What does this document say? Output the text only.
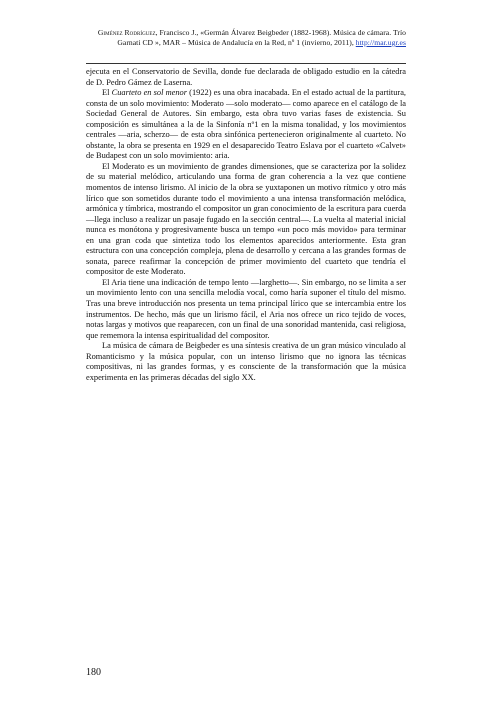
Giménez Rodríguez, Francisco J., «Germán Álvarez Beigbeder (1882-1968). Música de cámara. Trío Garnati CD », MAR – Música de Andalucía en la Red, nº 1 (invierno, 2011), http://mar.ugr.es

ejecuta en el Conservatorio de Sevilla, donde fue declarada de obligado estudio en la cátedra de D. Pedro Gámez de Laserna.

El Cuarteto en sol menor (1922) es una obra inacabada. En el estado actual de la partitura, consta de un solo movimiento: Moderato —solo moderato— como aparece en el catálogo de la Sociedad General de Autores. Sin embargo, esta obra tuvo varias fases de existencia. Su composición es simultánea a la de la Sinfonía nº1 en la misma tonalidad, y los movimientos centrales —aria, scherzo— de esta obra sinfónica pertenecieron originalmente al cuarteto. No obstante, la obra se presenta en 1929 en el desaparecido Teatro Eslava por el cuarteto «Calvet» de Budapest con un solo movimiento: aria.

El Moderato es un movimiento de grandes dimensiones, que se caracteriza por la solidez de su material melódico, articulando una forma de gran coherencia a la vez que contiene momentos de intenso lirismo. Al inicio de la obra se yuxtaponen un motivo rítmico y otro más lírico que son sometidos durante todo el movimiento a una intensa transformación melódica, armónica y tímbrica, mostrando el compositor un gran conocimiento de la escritura para cuerda —llega incluso a realizar un pasaje fugado en la sección central—. La vuelta al material inicial nunca es monótona y progresivamente busca un tempo «un poco más movido» para terminar en una gran coda que sintetiza todo los elementos aparecidos anteriormente. Esta gran estructura con una concepción compleja, plena de desarrollo y cercana a las grandes formas de sonata, parece reafirmar la concepción de primer movimiento del cuarteto que tendría el compositor de este Moderato.

El Aria tiene una indicación de tempo lento —larghetto—. Sin embargo, no se limita a ser un movimiento lento con una sencilla melodía vocal, como haría suponer el título del mismo. Tras una breve introducción nos presenta un tema principal lírico que se intercambia entre los instrumentos. De hecho, más que un lirismo fácil, el Aria nos ofrece un rico tejido de voces, notas largas y motivos que reaparecen, con un final de una sonoridad mantenida, casi religiosa, que rememora la intensa espiritualidad del compositor.

La música de cámara de Beigbeder es una síntesis creativa de un gran músico vinculado al Romanticismo y la música popular, con un intenso lirismo que no ignora las técnicas compositivas, ni las grandes formas, y es consciente de la transformación que la música experimenta en las primeras décadas del siglo XX.

180
